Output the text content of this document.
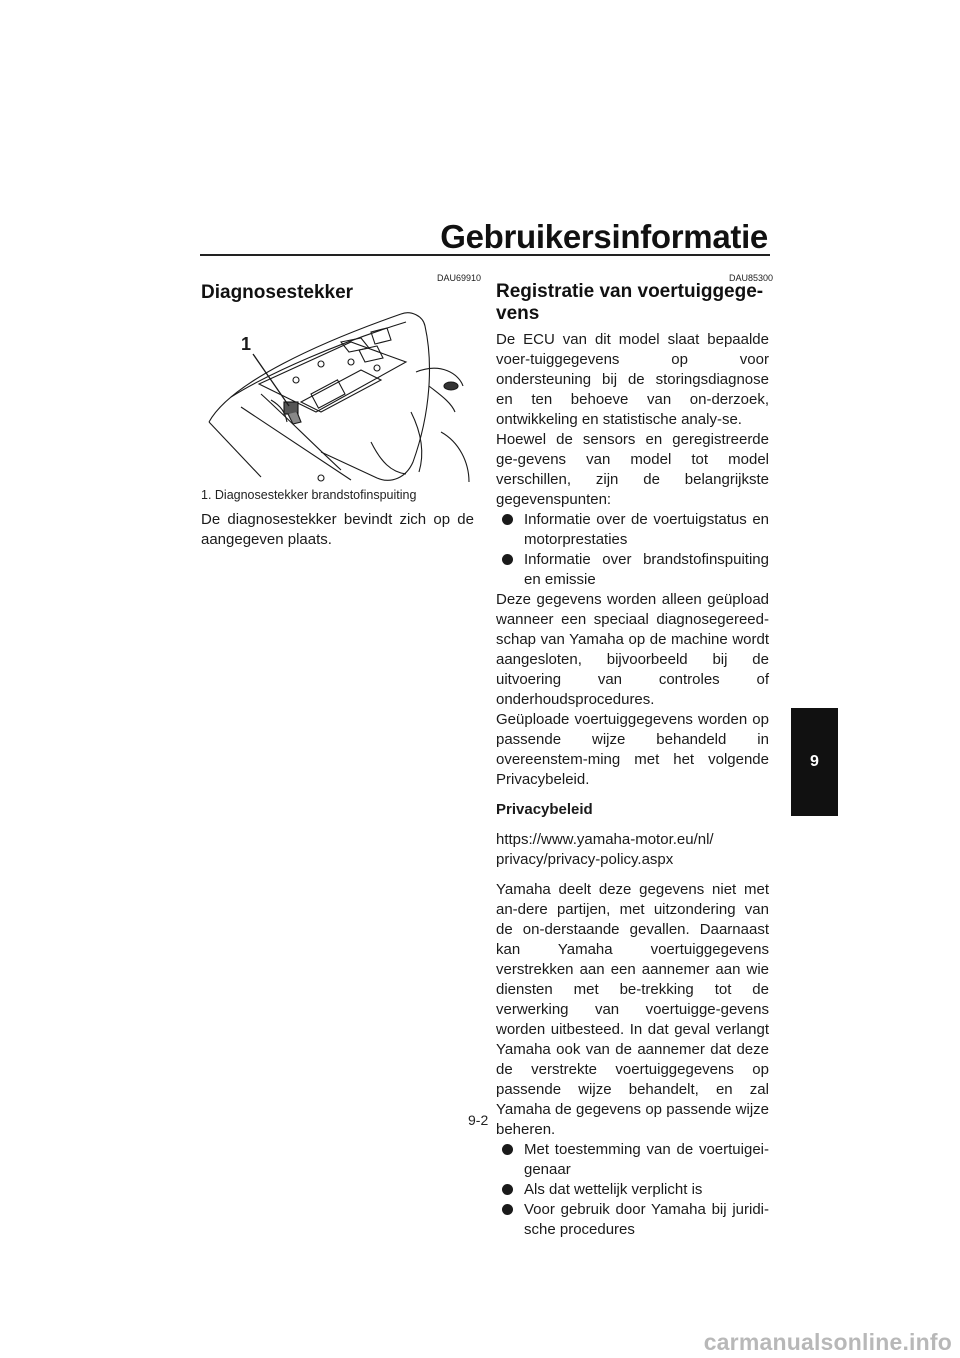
Gebruikersinformatie
DAU69910
Diagnosestekker
1
1. Diagnosestekker brandstofinspuiting
De diagnosestekker bevindt zich op de aangegeven plaats.
DAU85300
Registratie van voertuiggege-vens

De ECU van dit model slaat bepaalde voer-tuiggegevens op voor ondersteuning bij de storingsdiagnose en ten behoeve van on-derzoek, ontwikkeling en statistische analy-se.

Hoewel de sensors en geregistreerde ge-gevens van model tot model verschillen, zijn de belangrijkste gegevenspunten:

Informatie over de voertuigstatus en motorprestaties
Informatie over brandstofinspuiting en emissie

Deze gegevens worden alleen geüpload wanneer een speciaal diagnosegereed-schap van Yamaha op de machine wordt aangesloten, bijvoorbeeld bij de uitvoering van controles of onderhoudsprocedures.

Geüploade voertuiggegevens worden op passende wijze behandeld in overeenstem-ming met het volgende Privacybeleid.

Privacybeleid

https://www.yamaha-motor.eu/nl/ privacy/privacy-policy.aspx

Yamaha deelt deze gegevens niet met an-dere partijen, met uitzondering van de on-derstaande gevallen. Daarnaast kan Yamaha voertuiggegevens verstrekken aan een aannemer aan wie diensten met be-trekking tot de verwerking van voertuigge-gevens worden uitbesteed. In dat geval verlangt Yamaha ook van de aannemer dat deze de verstrekte voertuiggegevens op passende wijze behandelt, en zal Yamaha de gegevens op passende wijze beheren.

Met toestemming van de voertuigei-genaar
Als dat wettelijk verplicht is
Voor gebruik door Yamaha bij juridi-sche procedures
9
9-2
carmanualsonline.info
